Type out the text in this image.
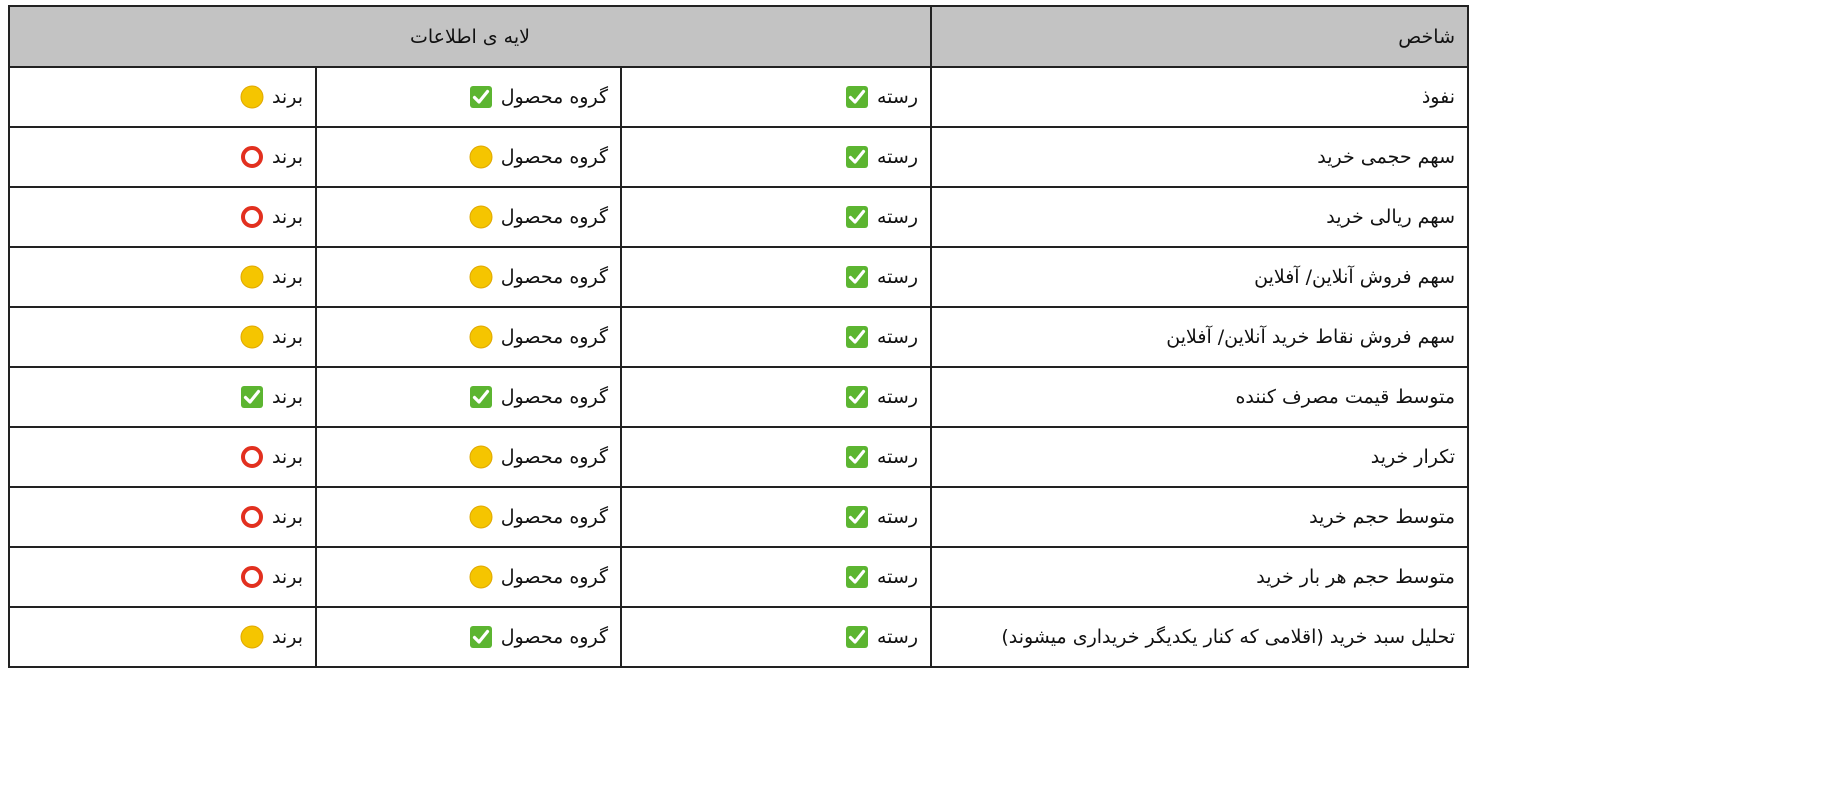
شاخص	لایه ی اطلاعات		
نفوذ	رسته	گروه محصول	برند

سهم حجمی خرید	رسته	گروه محصول	برند

سهم ریالی خرید	رسته	گروه محصول	برند

سهم فروش آنلاین/ آفلاین	رسته	گروه محصول	برند

سهم فروش نقاط خرید آنلاین/ آفلاین	رسته	گروه محصول	برند

متوسط قیمت مصرف کننده	رسته	گروه محصول	برند

تکرار خرید	رسته	گروه محصول	برند

متوسط حجم خرید	رسته	گروه محصول	برند

متوسط حجم هر بار خرید	رسته	گروه محصول	برند

تحلیل سبد خرید (اقلامی که کنار یکدیگر خریداری میشوند)	رسته	گروه محصول	برند
